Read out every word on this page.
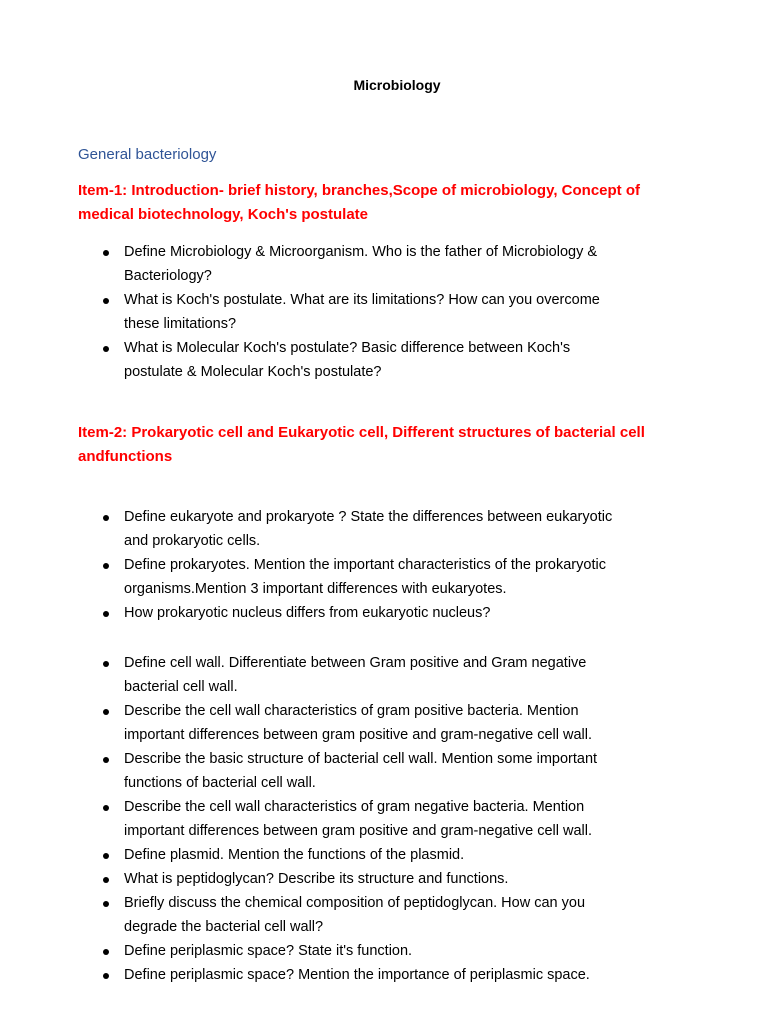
Microbiology
General bacteriology
Item-1: Introduction- brief history, branches,Scope of microbiology, Concept of
medical biotechnology, Koch's postulate
Define Microbiology & Microorganism. Who is the father of Microbiology &
Bacteriology?
What is Koch's postulate. What are its limitations? How can you overcome
these limitations?
What is Molecular Koch's postulate? Basic difference between Koch's
postulate & Molecular Koch's postulate?
Item-2: Prokaryotic cell and Eukaryotic cell, Different structures of bacterial cell
andfunctions
Define eukaryote and prokaryote ? State the differences between eukaryotic
and prokaryotic cells.
Define prokaryotes. Mention the important characteristics of the prokaryotic
organisms.Mention 3 important differences with eukaryotes.
How prokaryotic nucleus differs from eukaryotic nucleus?
Define cell wall. Differentiate between Gram positive and Gram negative
bacterial cell wall.
Describe the cell wall characteristics of gram positive bacteria. Mention
important differences between gram positive and gram-negative cell wall.
Describe the basic structure of bacterial cell wall. Mention some important
functions of bacterial cell wall.
Describe the cell wall characteristics of gram negative bacteria. Mention
important differences between gram positive and gram-negative cell wall.
Define plasmid. Mention the functions of the plasmid.
What is peptidoglycan? Describe its structure and functions.
Briefly discuss the chemical composition of peptidoglycan. How can you
degrade the bacterial cell wall?
Define periplasmic space? State it's function.
Define periplasmic space? Mention the importance of periplasmic space.
